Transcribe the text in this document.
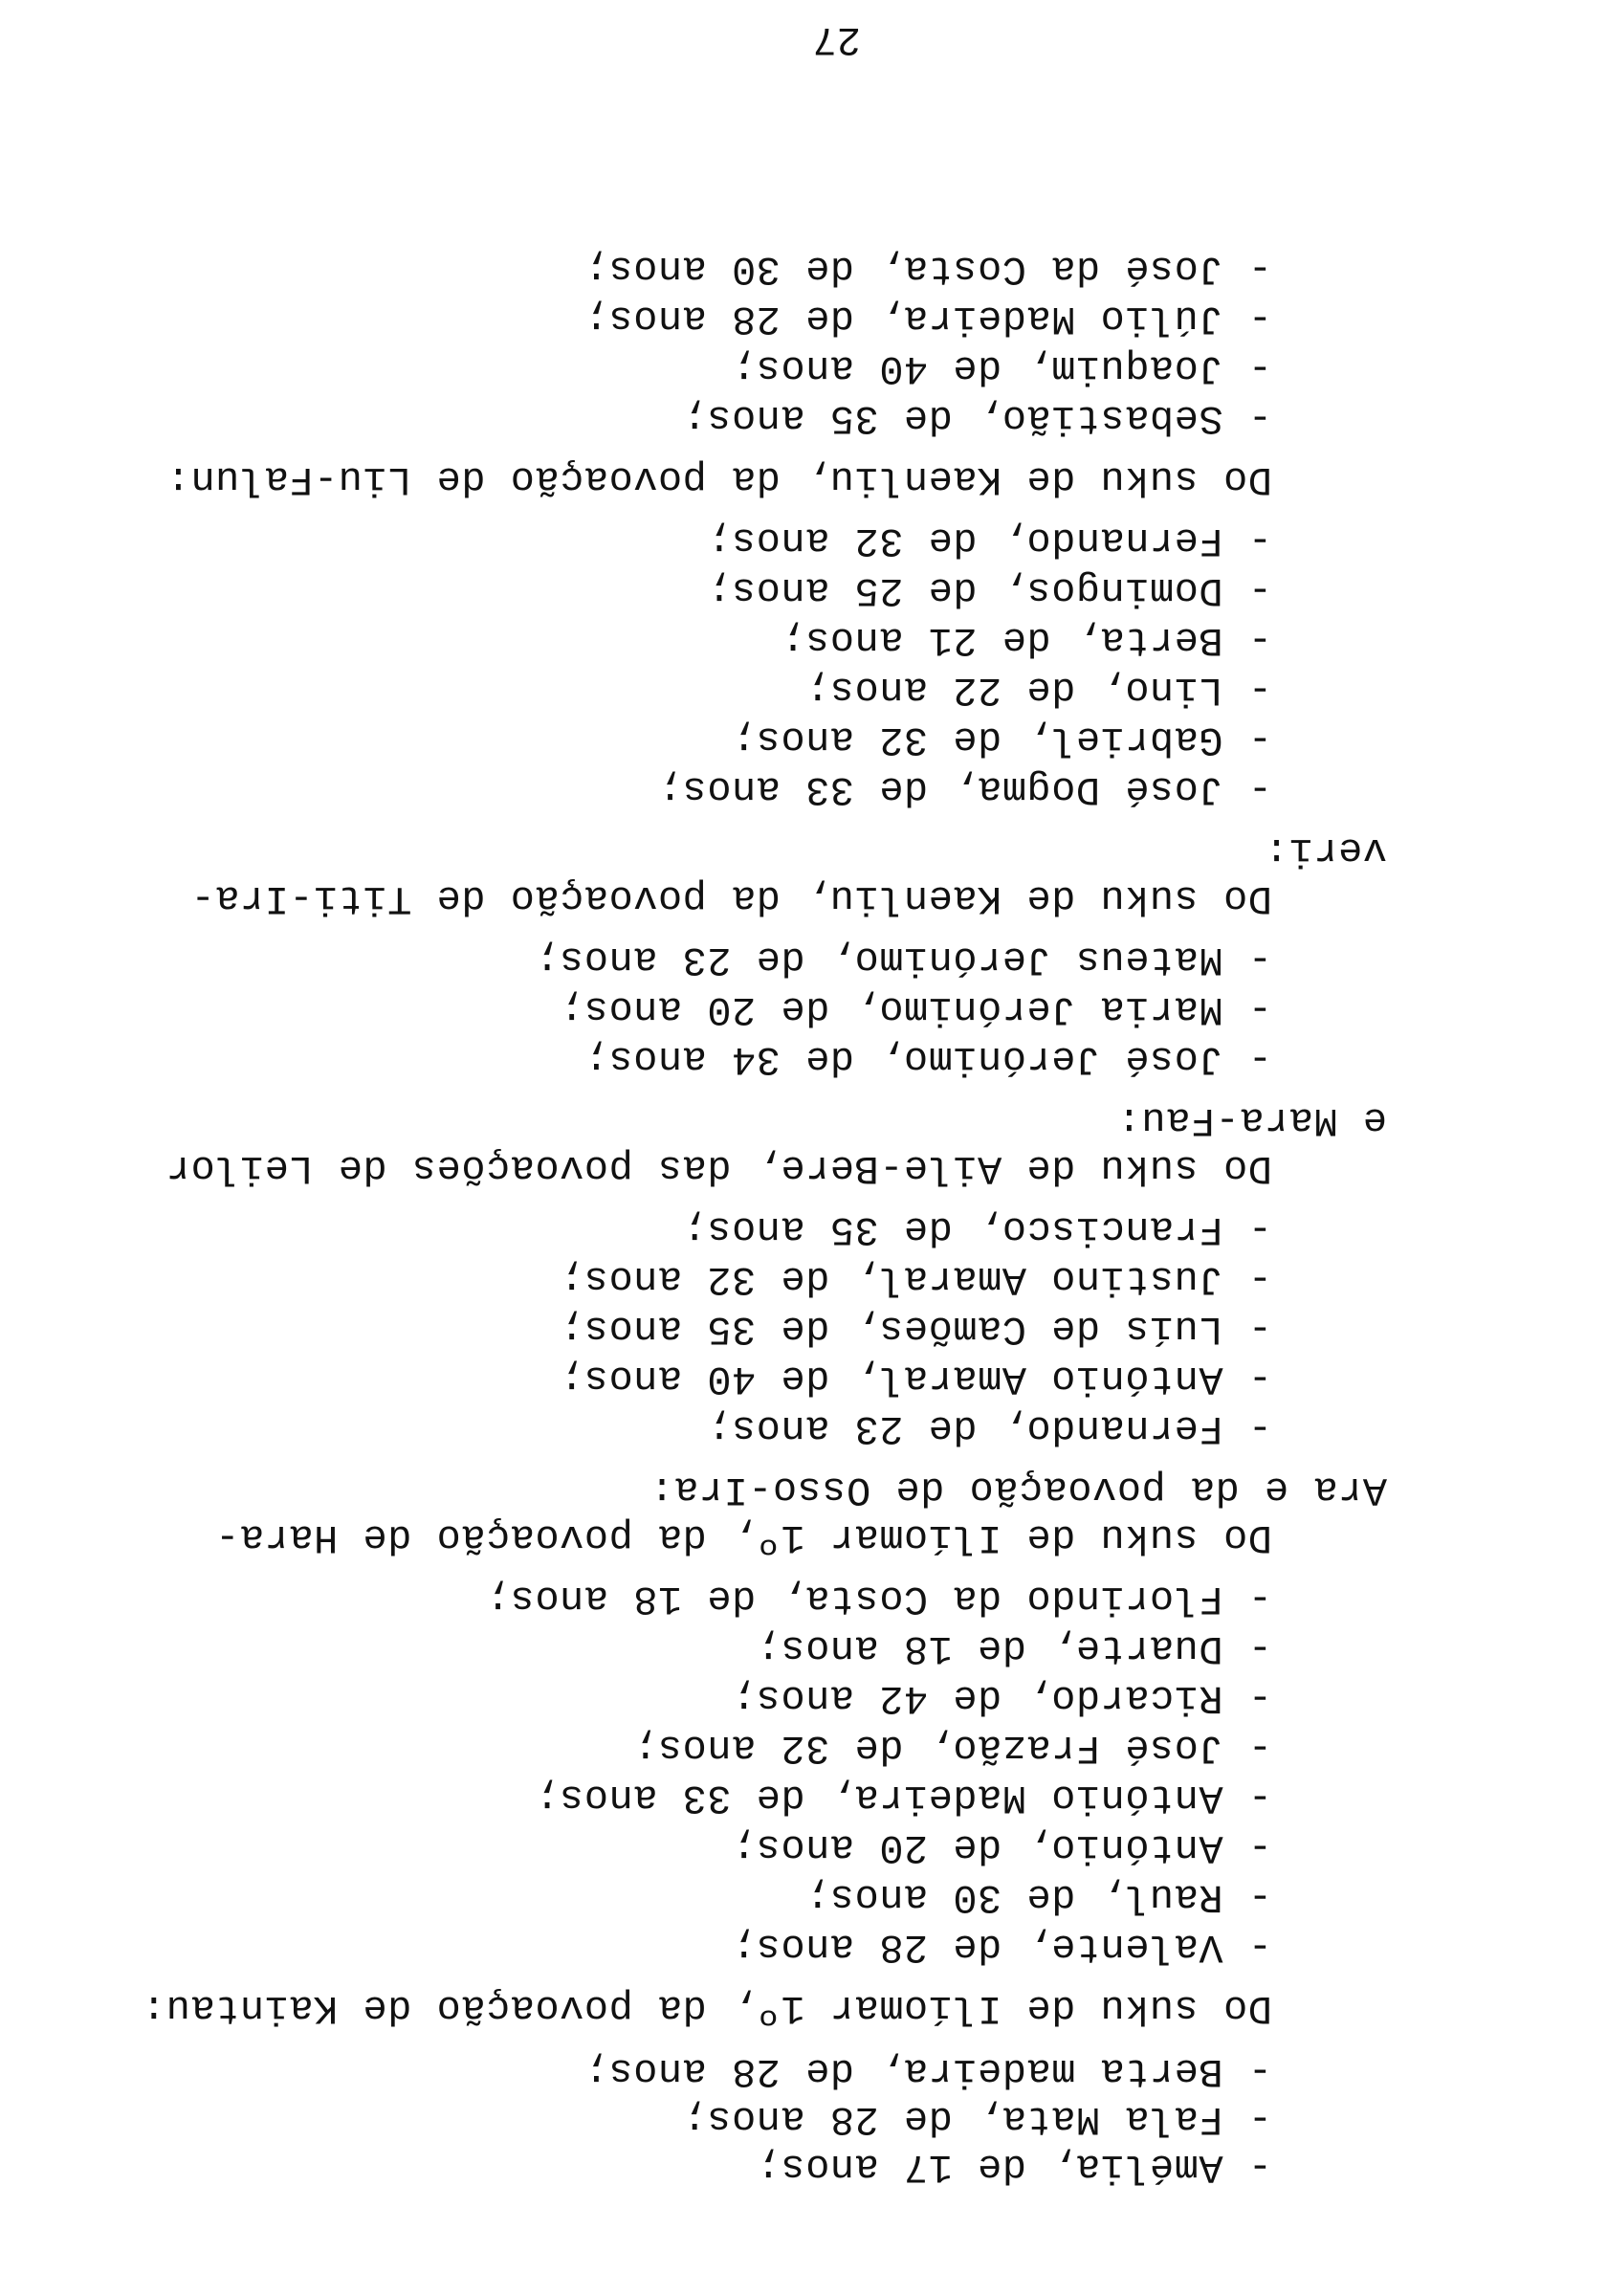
27
- Amélia, de 17 anos;
- Fala Mata, de 28 anos;
- Berta madeira, de 28 anos;
Do suku de Ilíomar 1º, da povoação de Kaintau:
- Valente, de 28 anos;
- Raul, de 30 anos;
- António, de 20 anos;
- António Madeira, de 33 anos;
- José Frazão, de 32 anos;
- Ricardo, de 42 anos;
- Duarte, de 18 anos;
- Florindo da Costa, de 18 anos;
Do suku de Ilíomar 1º, da povoação de Hara-
Ara e da povoação de Osso-Ira:
- Fernando, de 23 anos;
- António Amaral, de 40 anos;
- Luís de Camões, de 35 anos;
- Justino Amaral, de 32 anos;
- Francisco, de 35 anos;
Do suku de Aile-Bere, das povoações de Leilor
e Mara-Fau:
- José Jerónimo, de 34 anos;
- Maria Jerónimo, de 20 anos;
- Mateus Jerónimo, de 23 anos;
Do suku de Kaenliu, da povoação de Titi-Ira-
veri:
- José Dogma, de 33 anos;
- Gabriel, de 32 anos;
- Lino, de 22 anos;
- Berta, de 21 anos;
- Domingos, de 25 anos;
- Fernando, de 32 anos;
Do suku de Kaenliu, da povoação de Liu-Falun:
- Sebastião, de 35 anos;
- Joaquim, de 40 anos;
- Júlio Madeira, de 28 anos;
- José da Costa, de 30 anos;
